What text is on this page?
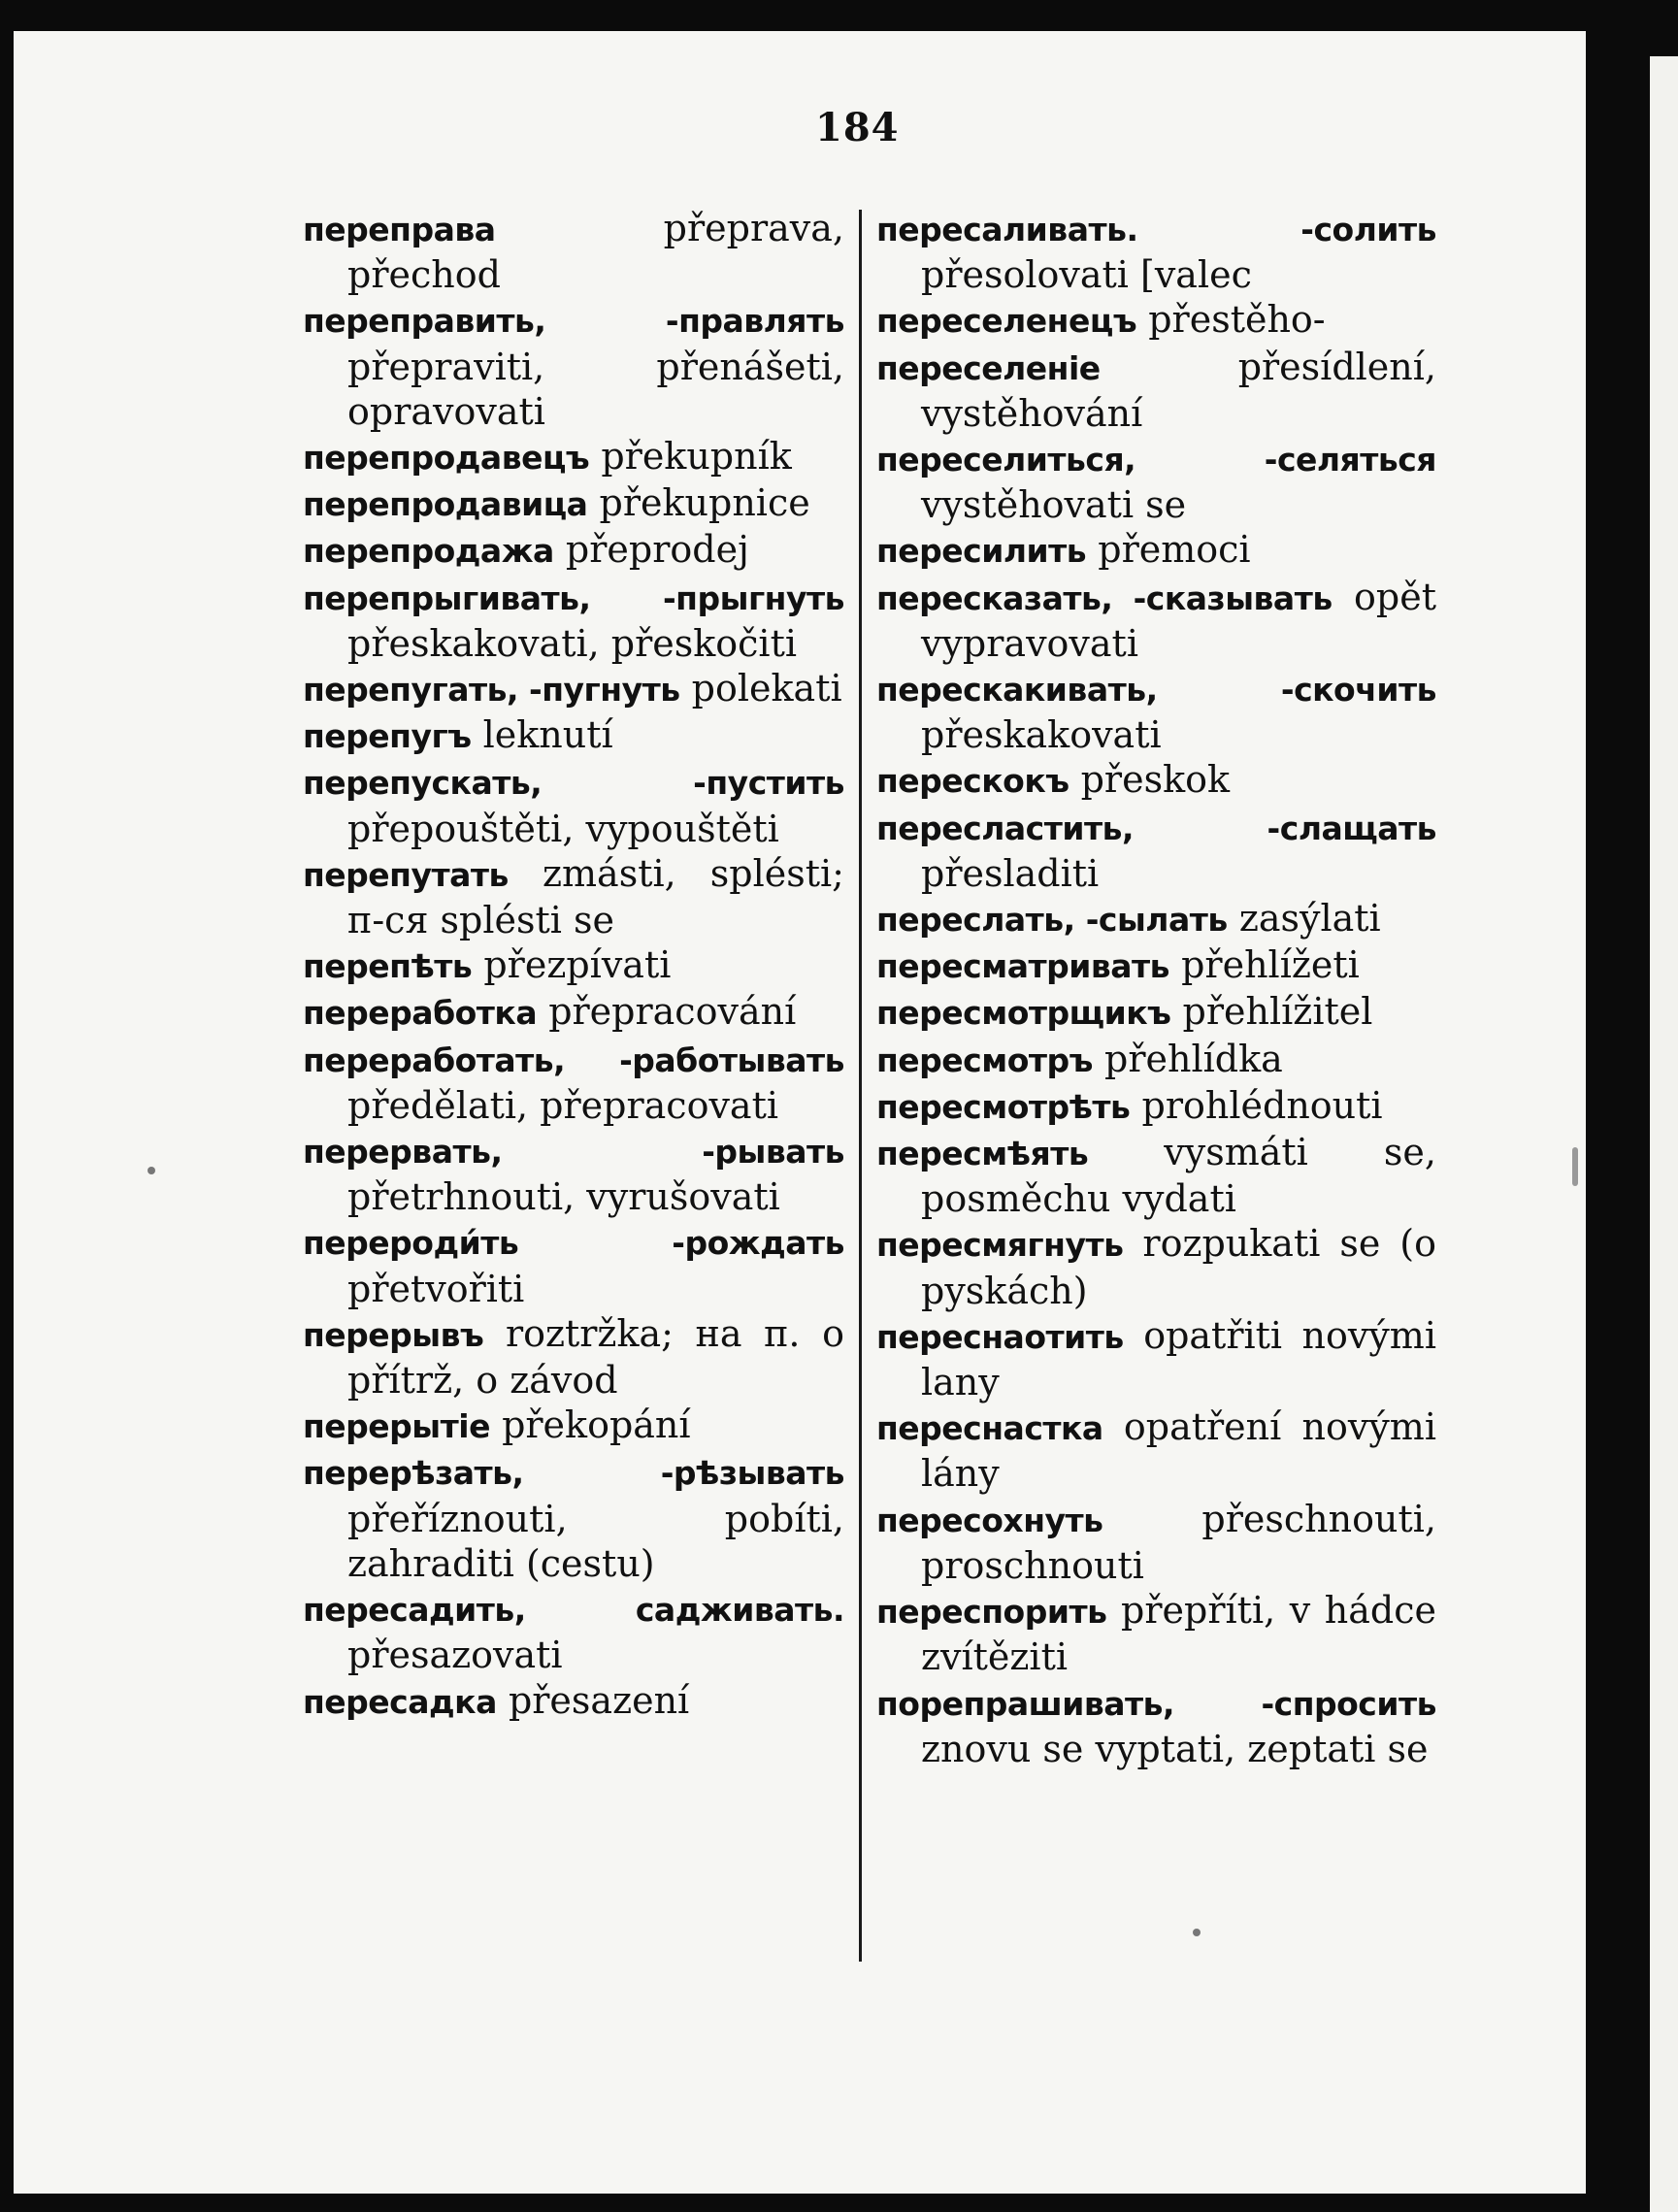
184
переправа	přeprava, přechod
переправить, -правлять přepraviti, přenášeti, opravovati
перепродавецъ překupník
перепродавица překupnice
перепродажа přeprodej
перепрыгивать, -прыгнуть přeskakovati, přeskočiti
перепугать, -пугнуть polekati
перепугъ leknutí
перепускать, -пустить přepouštěti, vypouštěti
перепутать zmásti, splésti; п-ся splésti se
перепѣть přezpívati
переработка přepracování
переработать, -работывать předělati, přepracovati
перервать, -рывать přetrhnouti, vyrušovati
перероди́ть -рождать přetvořiti
перерывъ roztržka; на п. o přítrž, o závod
перерытіе překopání
перерѣзать, -рѣзывать přeříznouti, pobíti, zahraditi (cestu)
пересадить, садживать. přesazovati
пересадка přesazení
пересаливать. -солить přesolovati [valec
переселенецъ přestěho-
переселеніе	přesídlení, vystěhování
переселиться, -селяться vystěhovati se
пересилить přemoci
пересказать, -сказывать opět vypravovati
перескакивать, -скочить přeskakovati
перескокъ přeskok
пересластить, -слащать přesladiti
переслать, -сылать zasýlati
пересматривать přehlížeti
пересмотрщикъ přehlížitel
пересмотръ přehlídka
пересмотрѣть prohlédnouti
пересмѣять vysmáti se, posměchu vydati
пересмягнуть rozpukati se (o pyskách)
переснаотить opatřiti novými lany
переснастка opatření novými lány
пересохнуть	přeschnouti, proschnouti
переспорить přepříti, v hádce zvítěziti
порепрашивать, -спросить znovu se vyptati, zeptati se
